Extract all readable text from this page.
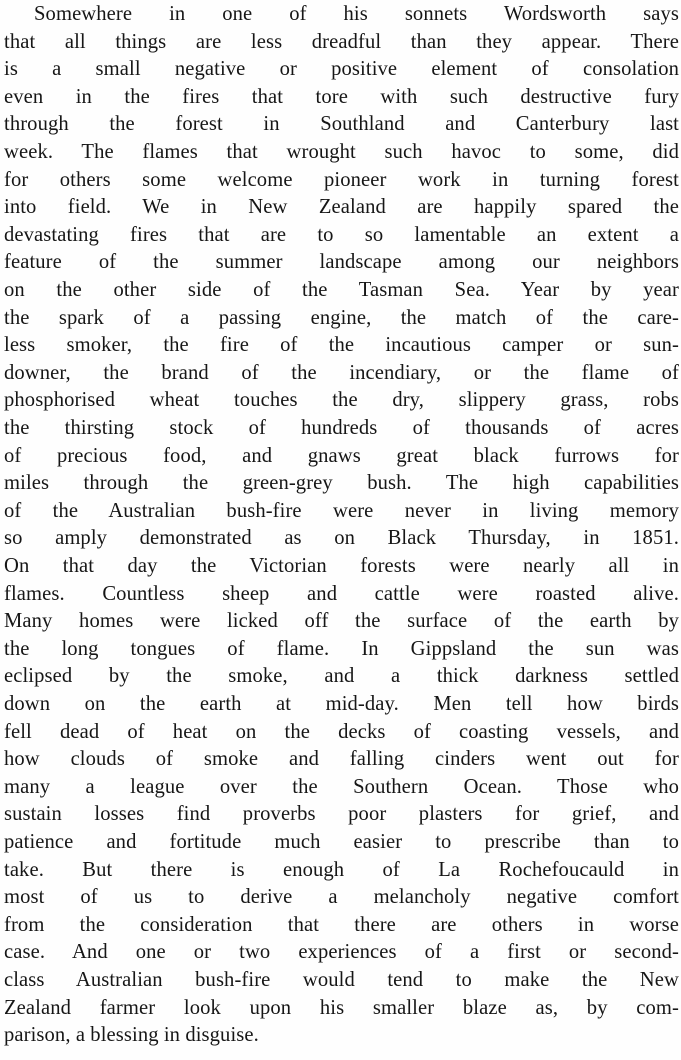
Somewhere in one of his sonnets Wordsworth says
that all things are less dreadful than they appear. There
is a small negative or positive element of consolation
even in the fires that tore with such destructive fury
through the forest in Southland and Canterbury last
week. The flames that wrought such havoc to some, did
for others some welcome pioneer work in turning forest
into field. We in New Zealand are happily spared the
devastating fires that are to so lamentable an extent a
feature of the summer landscape among our neighbors
on the other side of the Tasman Sea. Year by year
the spark of a passing engine, the match of the care-
less smoker, the fire of the incautious camper or sun-
downer, the brand of the incendiary, or the flame of
phosphorised wheat touches the dry, slippery grass, robs
the thirsting stock of hundreds of thousands of acres
of precious food, and gnaws great black furrows for
miles through the green-grey bush. The high capabilities
of the Australian bush-fire were never in living memory
so amply demonstrated as on Black Thursday, in 1851.
On that day the Victorian forests were nearly all in
flames. Countless sheep and cattle were roasted alive.
Many homes were licked off the surface of the earth by
the long tongues of flame. In Gippsland the sun was
eclipsed by the smoke, and a thick darkness settled
down on the earth at mid-day. Men tell how birds
fell dead of heat on the decks of coasting vessels, and
how clouds of smoke and falling cinders went out for
many a league over the Southern Ocean. Those who
sustain losses find proverbs poor plasters for grief, and
patience and fortitude much easier to prescribe than to
take. But there is enough of La Rochefoucauld in
most of us to derive a melancholy negative comfort
from the consideration that there are others in worse
case. And one or two experiences of a first or second-
class Australian bush-fire would tend to make the New
Zealand farmer look upon his smaller blaze as, by com-
parison, a blessing in disguise.
